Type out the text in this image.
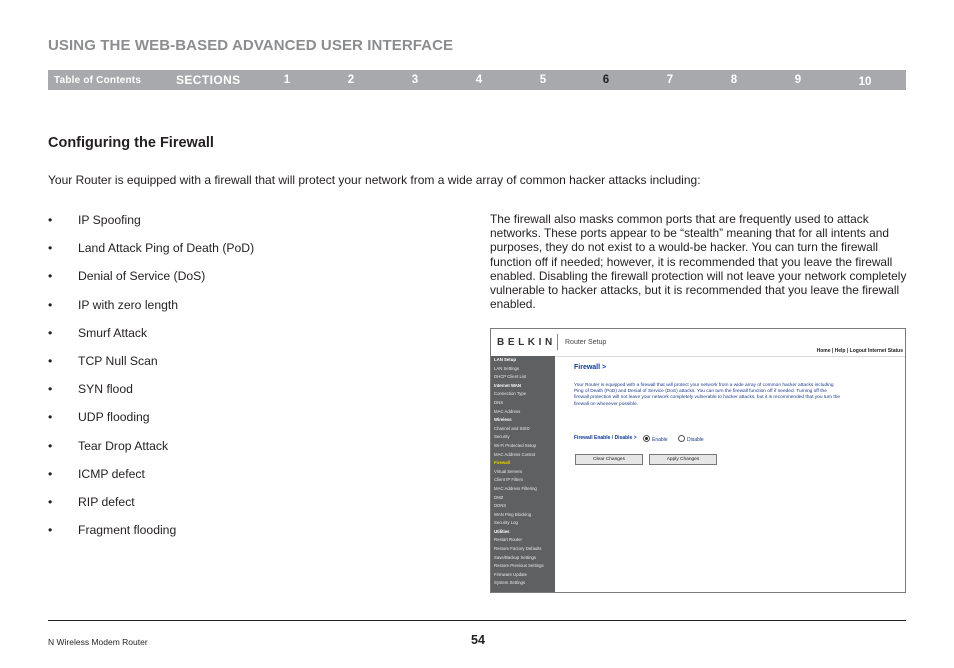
USING THE WEB-BASED ADVANCED USER INTERFACE
Table of Contents	SECTIONS	1	2	3	4	5	6	7	8	9	10
Configuring the Firewall
Your Router is equipped with a firewall that will protect your network from a wide array of common hacker attacks including:
• IP Spoofing
• Land Attack Ping of Death (PoD)
• Denial of Service (DoS)
• IP with zero length
• Smurf Attack
• TCP Null Scan
• SYN flood
• UDP flooding
• Tear Drop Attack
• ICMP defect
• RIP defect
• Fragment flooding
The firewall also masks common ports that are frequently used to attack networks. These ports appear to be “stealth” meaning that for all intents and purposes, they do not exist to a would-be hacker. You can turn the firewall function off if needed; however, it is recommended that you leave the firewall enabled. Disabling the firewall protection will not leave your network completely vulnerable to hacker attacks, but it is recommended that you leave the firewall enabled.
BELKIN Router Setup
Home | Help | Logout Internet Status
LAN Setup
LAN Settings
DHCP Client List
Internet WAN
Connection Type
DNS
MAC Address
Wireless
Channel and SSID
Security
Wi-Fi Protected Setup
MAC Address Control
Firewall
Virtual Servers
Client IP Filters
MAC Address Filtering
DMZ
DDNS
WAN Ping Blocking
Security Log
Utilities
Restart Router
Restore Factory Defaults
Save/Backup Settings
Restore Previous Settings
Firmware Update
System Settings
Firewall >
Your Router is equipped with a firewall that will protect your network from a wide array of common hacker attacks including Ping of Death (PoD) and Denial of Service (DoS) attacks. You can turn the firewall function off if needed. Turning off the firewall protection will not leave your network completely vulnerable to hacker attacks, but it is recommended that you turn the firewall on whenever possible.
Firewall Enable / Disable >	Enable	Disable
Clear Changes	Apply Changes
N Wireless Modem Router	54
